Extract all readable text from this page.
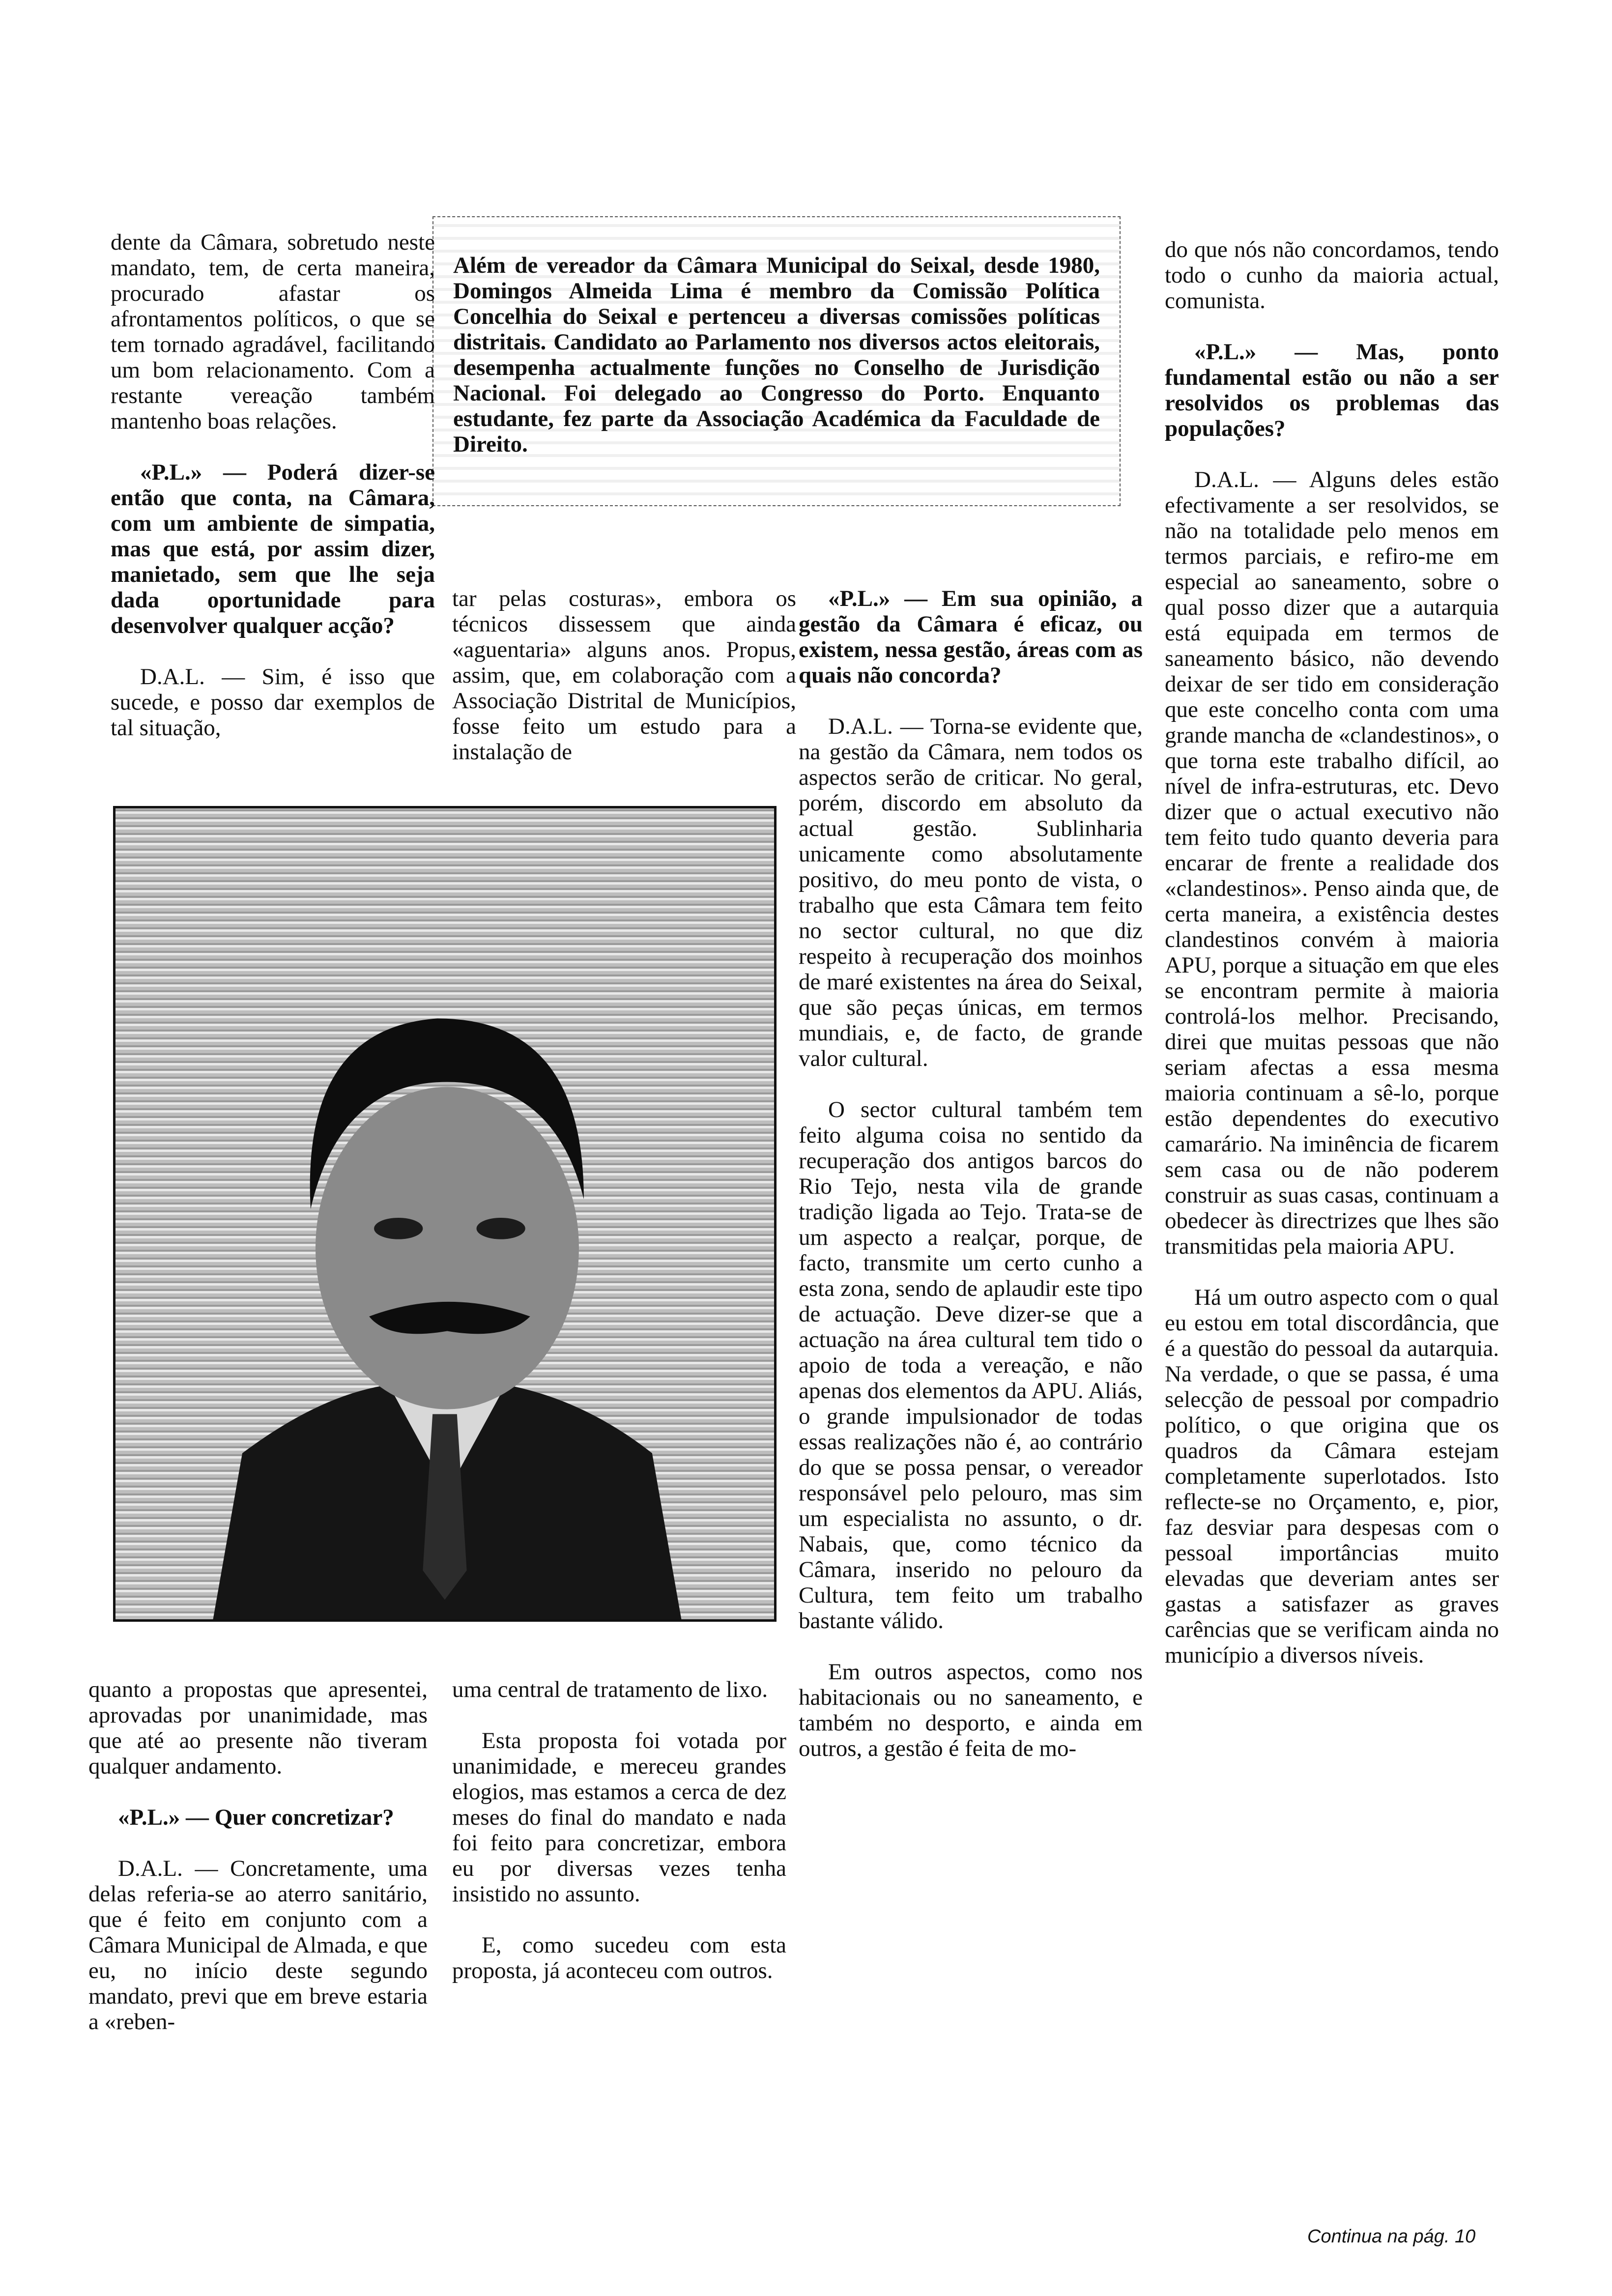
Além de vereador da Câmara Municipal do Seixal, desde 1980, Domingos Almeida Lima é membro da Comissão Política Concelhia do Seixal e pertenceu a diversas comissões políticas distritais. Candidato ao Parlamento nos diversos actos eleitorais, desempenha actualmente funções no Conselho de Jurisdição Nacional. Foi delegado ao Congresso do Porto. Enquanto estudante, fez parte da Associação Académica da Faculdade de Direito.

dente da Câmara, sobretudo neste mandato, tem, de certa maneira, procurado afastar os afrontamentos políticos, o que se tem tornado agradável, facilitando um bom relacionamento. Com a restante vereação também mantenho boas relações.

«P.L.» — Poderá dizer-se então que conta, na Câmara, com um ambiente de simpatia, mas que está, por assim dizer, manietado, sem que lhe seja dada oportunidade para desenvolver qualquer acção?

D.A.L. — Sim, é isso que sucede, e posso dar exemplos de tal situação,

tar pelas costuras», embora os técnicos dissessem que ainda «aguentaria» alguns anos. Propus, assim, que, em colaboração com a Associação Distrital de Municípios, fosse feito um estudo para a instalação de

«P.L.» — Em sua opinião, a gestão da Câmara é eficaz, ou existem, nessa gestão, áreas com as quais não concorda?

D.A.L. — Torna-se evidente que, na gestão da Câmara, nem todos os aspectos serão de criticar. No geral, porém, discordo em absoluto da actual gestão. Sublinharia unicamente como absolutamente positivo, do meu ponto de vista, o trabalho que esta Câmara tem feito no sector cultural, no que diz respeito à recuperação dos moinhos de maré existentes na área do Seixal, que são peças únicas, em termos mundiais, e, de facto, de grande valor cultural.

O sector cultural também tem feito alguma coisa no sentido da recuperação dos antigos barcos do Rio Tejo, nesta vila de grande tradição ligada ao Tejo. Trata-se de um aspecto a realçar, porque, de facto, transmite um certo cunho a esta zona, sendo de aplaudir este tipo de actuação. Deve dizer-se que a actuação na área cultural tem tido o apoio de toda a vereação, e não apenas dos elementos da APU. Aliás, o grande impulsionador de todas essas realizações não é, ao contrário do que se possa pensar, o vereador responsável pelo pelouro, mas sim um especialista no assunto, o dr. Nabais, que, como técnico da Câmara, inserido no pelouro da Cultura, tem feito um trabalho bastante válido.

Em outros aspectos, como nos habitacionais ou no saneamento, e também no desporto, e ainda em outros, a gestão é feita de mo-

do que nós não concordamos, tendo todo o cunho da maioria actual, comunista.

«P.L.» — Mas, ponto fundamental estão ou não a ser resolvidos os problemas das populações?

D.A.L. — Alguns deles estão efectivamente a ser resolvidos, se não na totalidade pelo menos em termos parciais, e refiro-me em especial ao saneamento, sobre o qual posso dizer que a autarquia está equipada em termos de saneamento básico, não devendo deixar de ser tido em consideração que este concelho conta com uma grande mancha de «clandestinos», o que torna este trabalho difícil, ao nível de infra-estruturas, etc. Devo dizer que o actual executivo não tem feito tudo quanto deveria para encarar de frente a realidade dos «clandestinos». Penso ainda que, de certa maneira, a existência destes clandestinos convém à maioria APU, porque a situação em que eles se encontram permite à maioria controlá-los melhor. Precisando, direi que muitas pessoas que não seriam afectas a essa mesma maioria continuam a sê-lo, porque estão dependentes do executivo camarário. Na iminência de ficarem sem casa ou de não poderem construir as suas casas, continuam a obedecer às directrizes que lhes são transmitidas pela maioria APU.

Há um outro aspecto com o qual eu estou em total discordância, que é a questão do pessoal da autarquia. Na verdade, o que se passa, é uma selecção de pessoal por compadrio político, o que origina que os quadros da Câmara estejam completamente superlotados. Isto reflecte-se no Orçamento, e, pior, faz desviar para despesas com o pessoal importâncias muito elevadas que deveriam antes ser gastas a satisfazer as graves carências que se verificam ainda no município a diversos níveis.

quanto a propostas que apresentei, aprovadas por unanimidade, mas que até ao presente não tiveram qualquer andamento.

«P.L.» — Quer concretizar?

D.A.L. — Concretamente, uma delas referia-se ao aterro sanitário, que é feito em conjunto com a Câmara Municipal de Almada, e que eu, no início deste segundo mandato, previ que em breve estaria a «reben-

uma central de tratamento de lixo.

Esta proposta foi votada por unanimidade, e mereceu grandes elogios, mas estamos a cerca de dez meses do final do mandato e nada foi feito para concretizar, embora eu por diversas vezes tenha insistido no assunto.

E, como sucedeu com esta proposta, já aconteceu com outros.

Continua na pág. 10
